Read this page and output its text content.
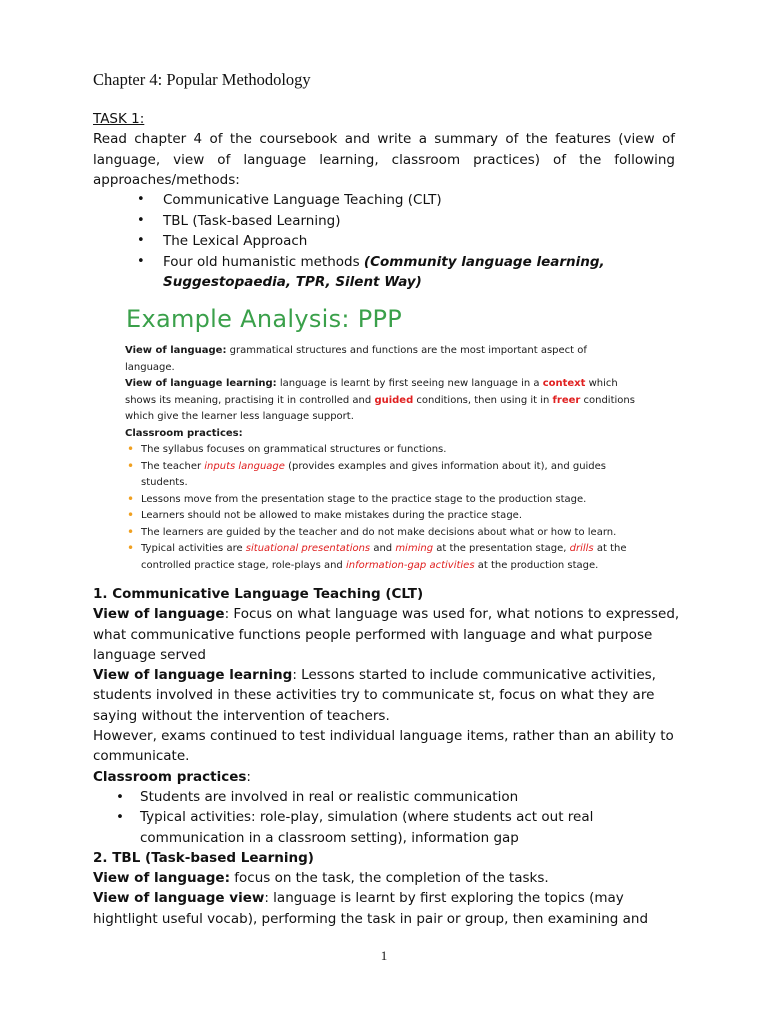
Chapter 4: Popular Methodology
TASK 1:
Read chapter 4 of the coursebook and write a summary of the features (view of
language, view of language learning, classroom practices) of the following
approaches/methods:
• Communicative Language Teaching (CLT)
• TBL (Task-based Learning)
• The Lexical Approach
• Four old humanistic methods (Community language learning, Suggestopaedia, TPR, Silent Way)
Example Analysis: PPP
View of language: grammatical structures and functions are the most important aspect of language.
View of language learning: language is learnt by first seeing new language in a context which shows its meaning, practising it in controlled and guided conditions, then using it in freer conditions which give the learner less language support.
Classroom practices:
• The syllabus focuses on grammatical structures or functions.
• The teacher inputs language (provides examples and gives information about it), and guides students.
• Lessons move from the presentation stage to the practice stage to the production stage.
• Learners should not be allowed to make mistakes during the practice stage.
• The learners are guided by the teacher and do not make decisions about what or how to learn.
• Typical activities are situational presentations and miming at the presentation stage, drills at the controlled practice stage, role-plays and information-gap activities at the production stage.

1. Communicative Language Teaching (CLT)

View of language: Focus on what language was used for, what notions to expressed, what communicative functions people performed with language and what purpose language served

View of language learning: Lessons started to include communicative activities, students involved in these activities try to communicate st, focus on what they are saying without the intervention of teachers.

However, exams continued to test individual language items, rather than an ability to communicate.

Classroom practices:

• Students are involved in real or realistic communication
• Typical activities: role-play, simulation (where students act out real communication in a classroom setting), information gap

2. TBL (Task-based Learning)

View of language: focus on the task, the completion of the tasks.

View of language view: language is learnt by first exploring the topics (may hightlight useful vocab), performing the task in pair or group, then examining and

1
